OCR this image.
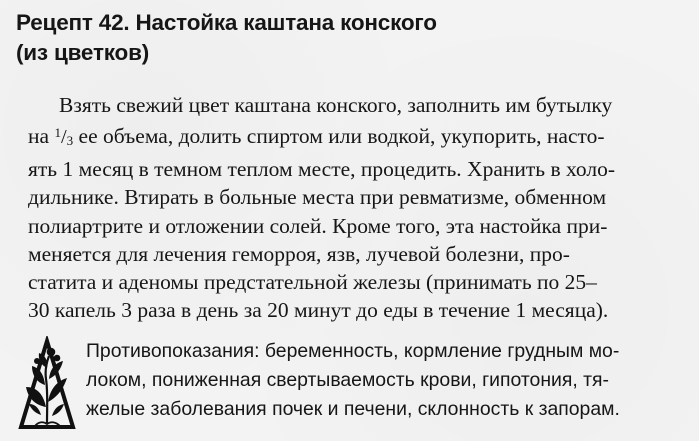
Рецепт 42. Настойка каштана конского
(из цветков)
Взять свежий цвет каштана конского, заполнить им бутылку
на $^1/_3$ ее объема, долить спиртом или водкой, укупорить, насто-
ять 1 месяц в темном теплом месте, процедить. Хранить в холо-
дильнике. Втирать в больные места при ревматизме, обменном
полиартрите и отложении солей. Кроме того, эта настойка при-
меняется для лечения геморроя, язв, лучевой болезни, про-
статита и аденомы предстательной железы (принимать по 25–
30 капель 3 раза в день за 20 минут до еды в течение 1 месяца).
Противопоказания: беременность, кормление грудным мо-
локом, пониженная свертываемость крови, гипотония, тя-
желые заболевания почек и печени, склонность к запорам.
